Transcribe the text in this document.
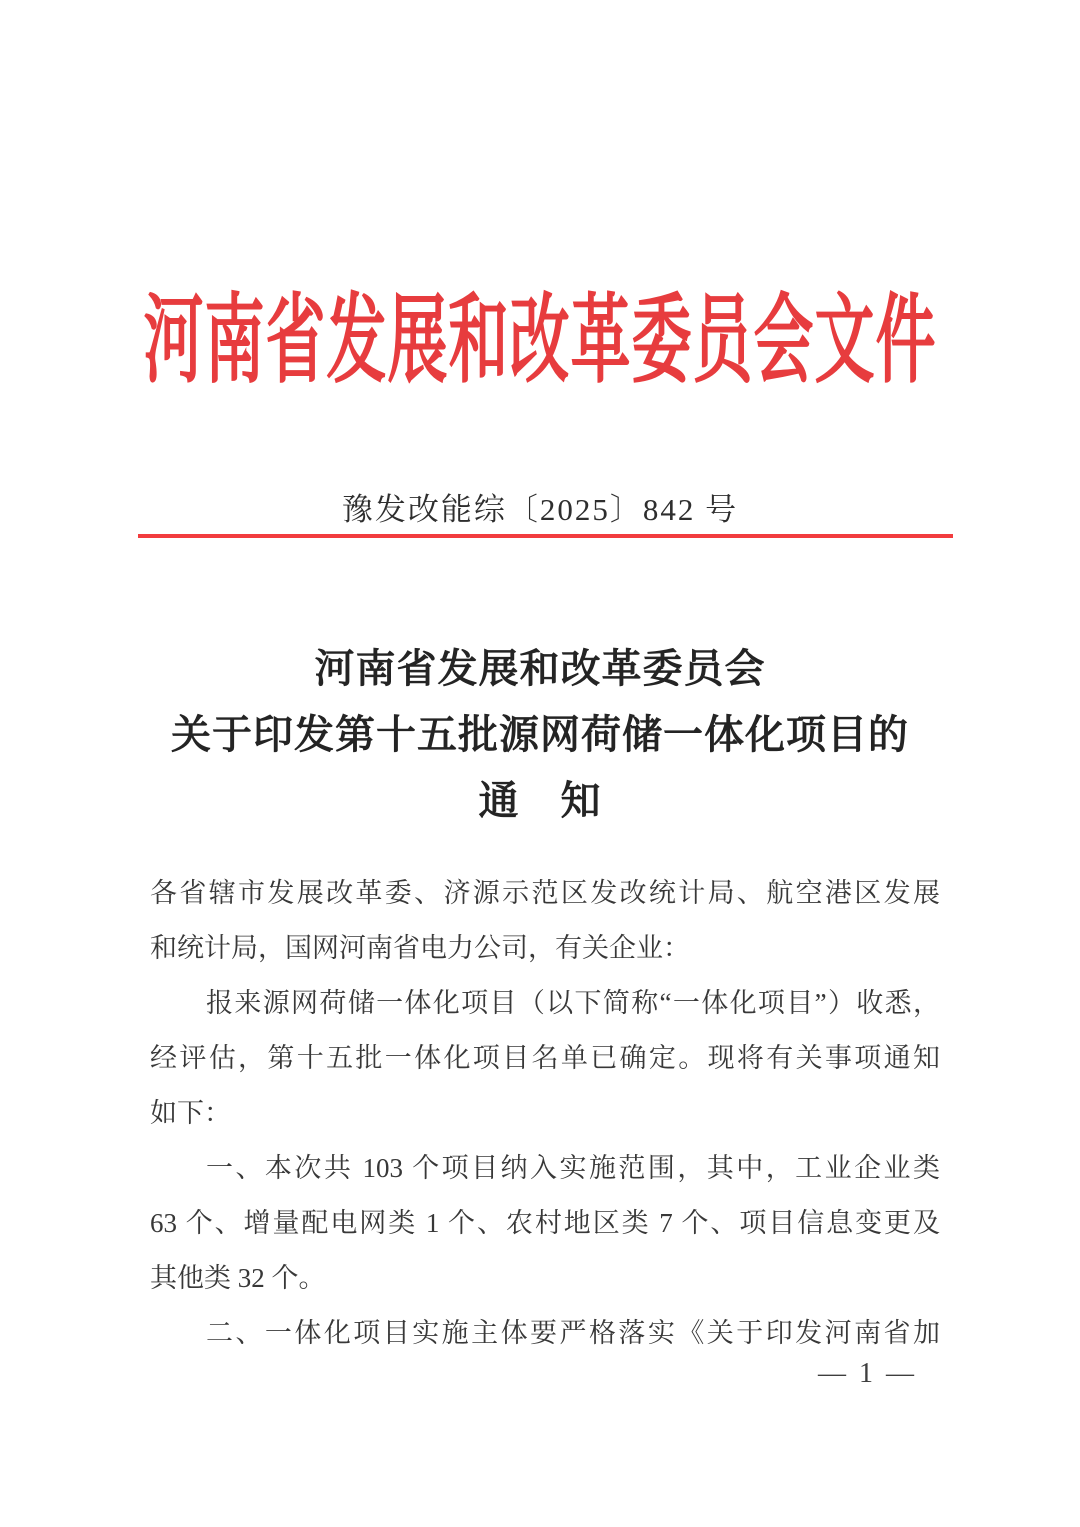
河南省发展和改革委员会文件
豫发改能综〔2025〕842 号
河南省发展和改革委员会
关于印发第十五批源网荷储一体化项目的
通　知
各省辖市发展改革委、济源示范区发改统计局、航空港区发展
和统计局，国网河南省电力公司，有关企业：
报来源网荷储一体化项目（以下简称“一体化项目”）收悉，
经评估，第十五批一体化项目名单已确定。现将有关事项通知
如下：
一、本次共 103 个项目纳入实施范围，其中，工业企业类
63 个、增量配电网类 1 个、农村地区类 7 个、项目信息变更及
其他类 32 个。
二、一体化项目实施主体要严格落实《关于印发河南省加
— 1 —
